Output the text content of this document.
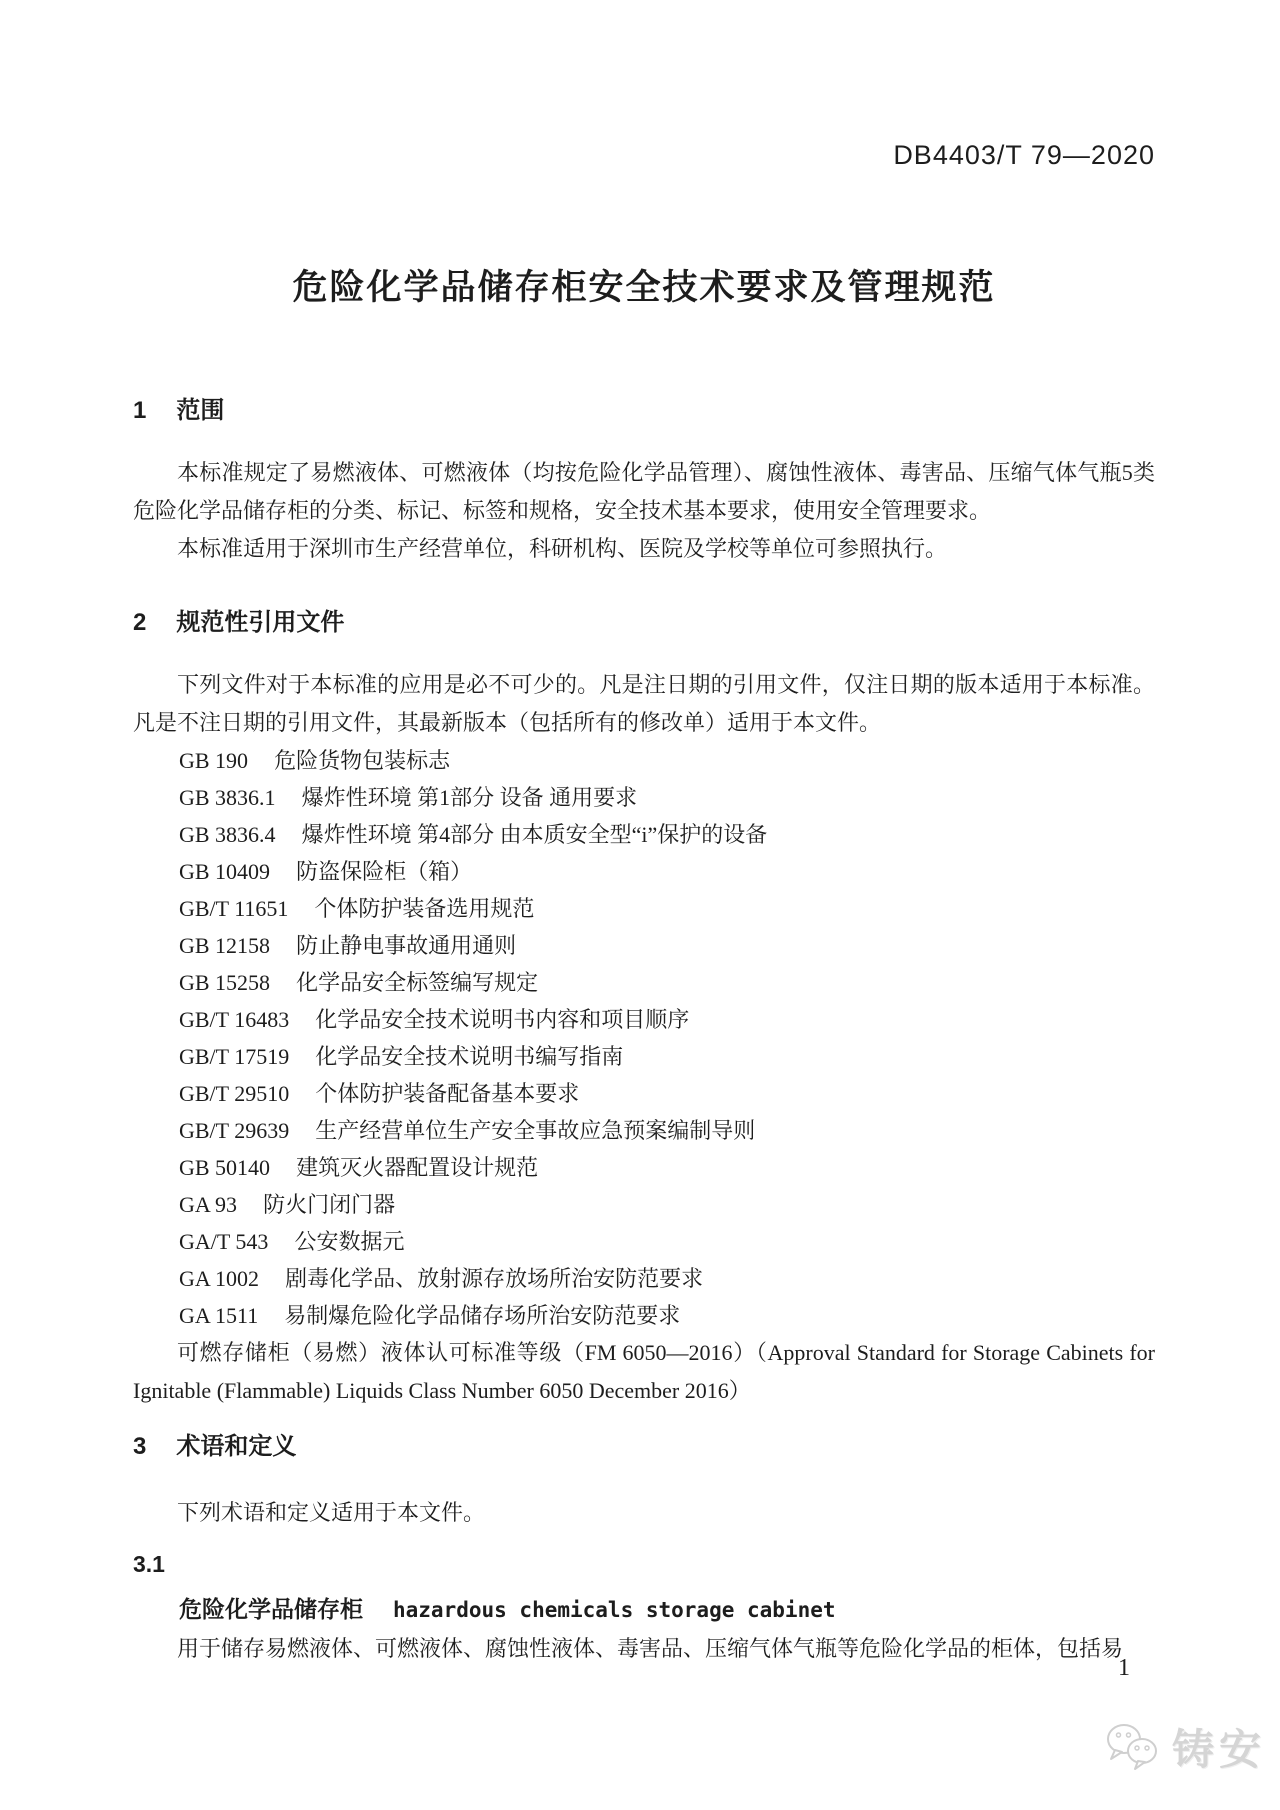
DB4403/T 79—2020
危险化学品储存柜安全技术要求及管理规范
1 范围

本标准规定了易燃液体、可燃液体（均按危险化学品管理）、腐蚀性液体、毒害品、压缩气体气瓶5类危险化学品储存柜的分类、标记、标签和规格，安全技术基本要求，使用安全管理要求。

本标准适用于深圳市生产经营单位，科研机构、医院及学校等单位可参照执行。

2 规范性引用文件

下列文件对于本标准的应用是必不可少的。凡是注日期的引用文件，仅注日期的版本适用于本标准。凡是不注日期的引用文件，其最新版本（包括所有的修改单）适用于本文件。

GB 190 危险货物包装标志
GB 3836.1 爆炸性环境 第1部分 设备 通用要求
GB 3836.4 爆炸性环境 第4部分 由本质安全型“i”保护的设备
GB 10409 防盗保险柜（箱）
GB/T 11651 个体防护装备选用规范
GB 12158 防止静电事故通用通则
GB 15258 化学品安全标签编写规定
GB/T 16483 化学品安全技术说明书内容和项目顺序
GB/T 17519 化学品安全技术说明书编写指南
GB/T 29510 个体防护装备配备基本要求
GB/T 29639 生产经营单位生产安全事故应急预案编制导则
GB 50140 建筑灭火器配置设计规范
GA 93 防火门闭门器
GA/T 543 公安数据元
GA 1002 剧毒化学品、放射源存放场所治安防范要求
GA 1511 易制爆危险化学品储存场所治安防范要求

可燃存储柜（易燃）液体认可标准等级（FM 6050—2016）（Approval Standard for Storage Cabinets for Ignitable (Flammable) Liquids Class Number 6050 December 2016）

3 术语和定义

下列术语和定义适用于本文件。

3.1
危险化学品储存柜 hazardous chemicals storage cabinet

用于储存易燃液体、可燃液体、腐蚀性液体、毒害品、压缩气体气瓶等危险化学品的柜体，包括易

1
铸安
